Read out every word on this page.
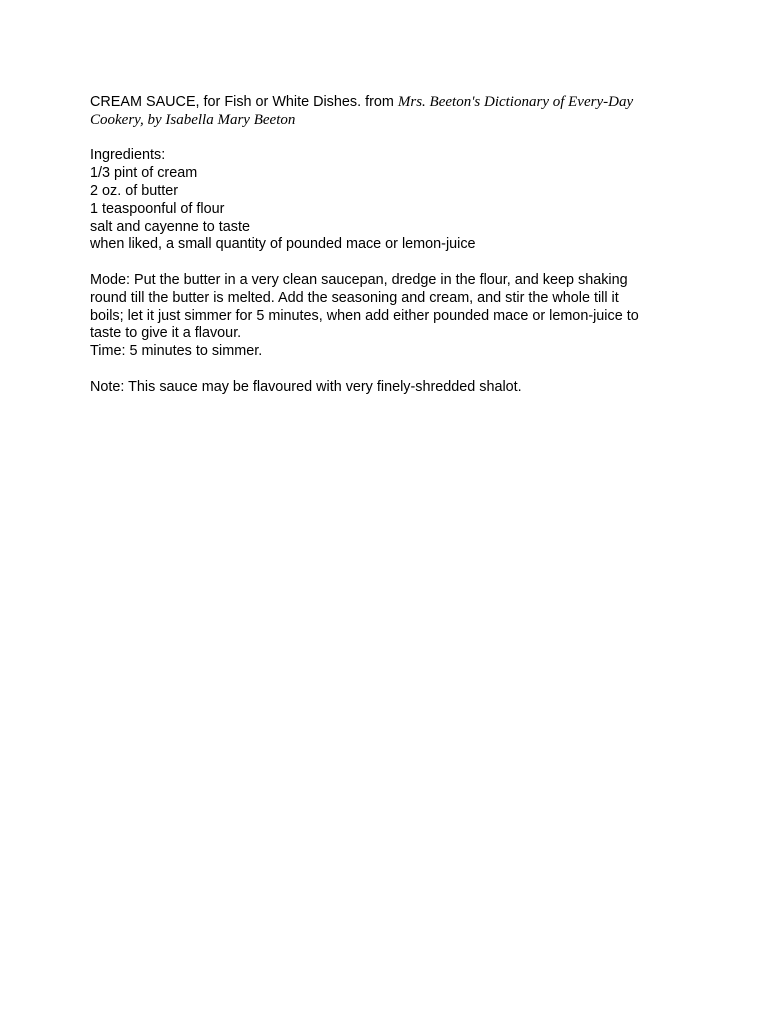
CREAM SAUCE, for Fish or White Dishes. from Mrs. Beeton's Dictionary of Every-Day
Cookery, by Isabella Mary Beeton

Ingredients:

1/3 pint of cream
2 oz. of butter
1 teaspoonful of flour
salt and cayenne to taste
when liked, a small quantity of pounded mace or lemon-juice
Mode: Put the butter in a very clean saucepan, dredge in the flour, and keep shaking
round till the butter is melted. Add the seasoning and cream, and stir the whole till it
boils; let it just simmer for 5 minutes, when add either pounded mace or lemon-juice to
taste to give it a flavour.
Time: 5 minutes to simmer.

Note: This sauce may be flavoured with very finely-shredded shalot.
